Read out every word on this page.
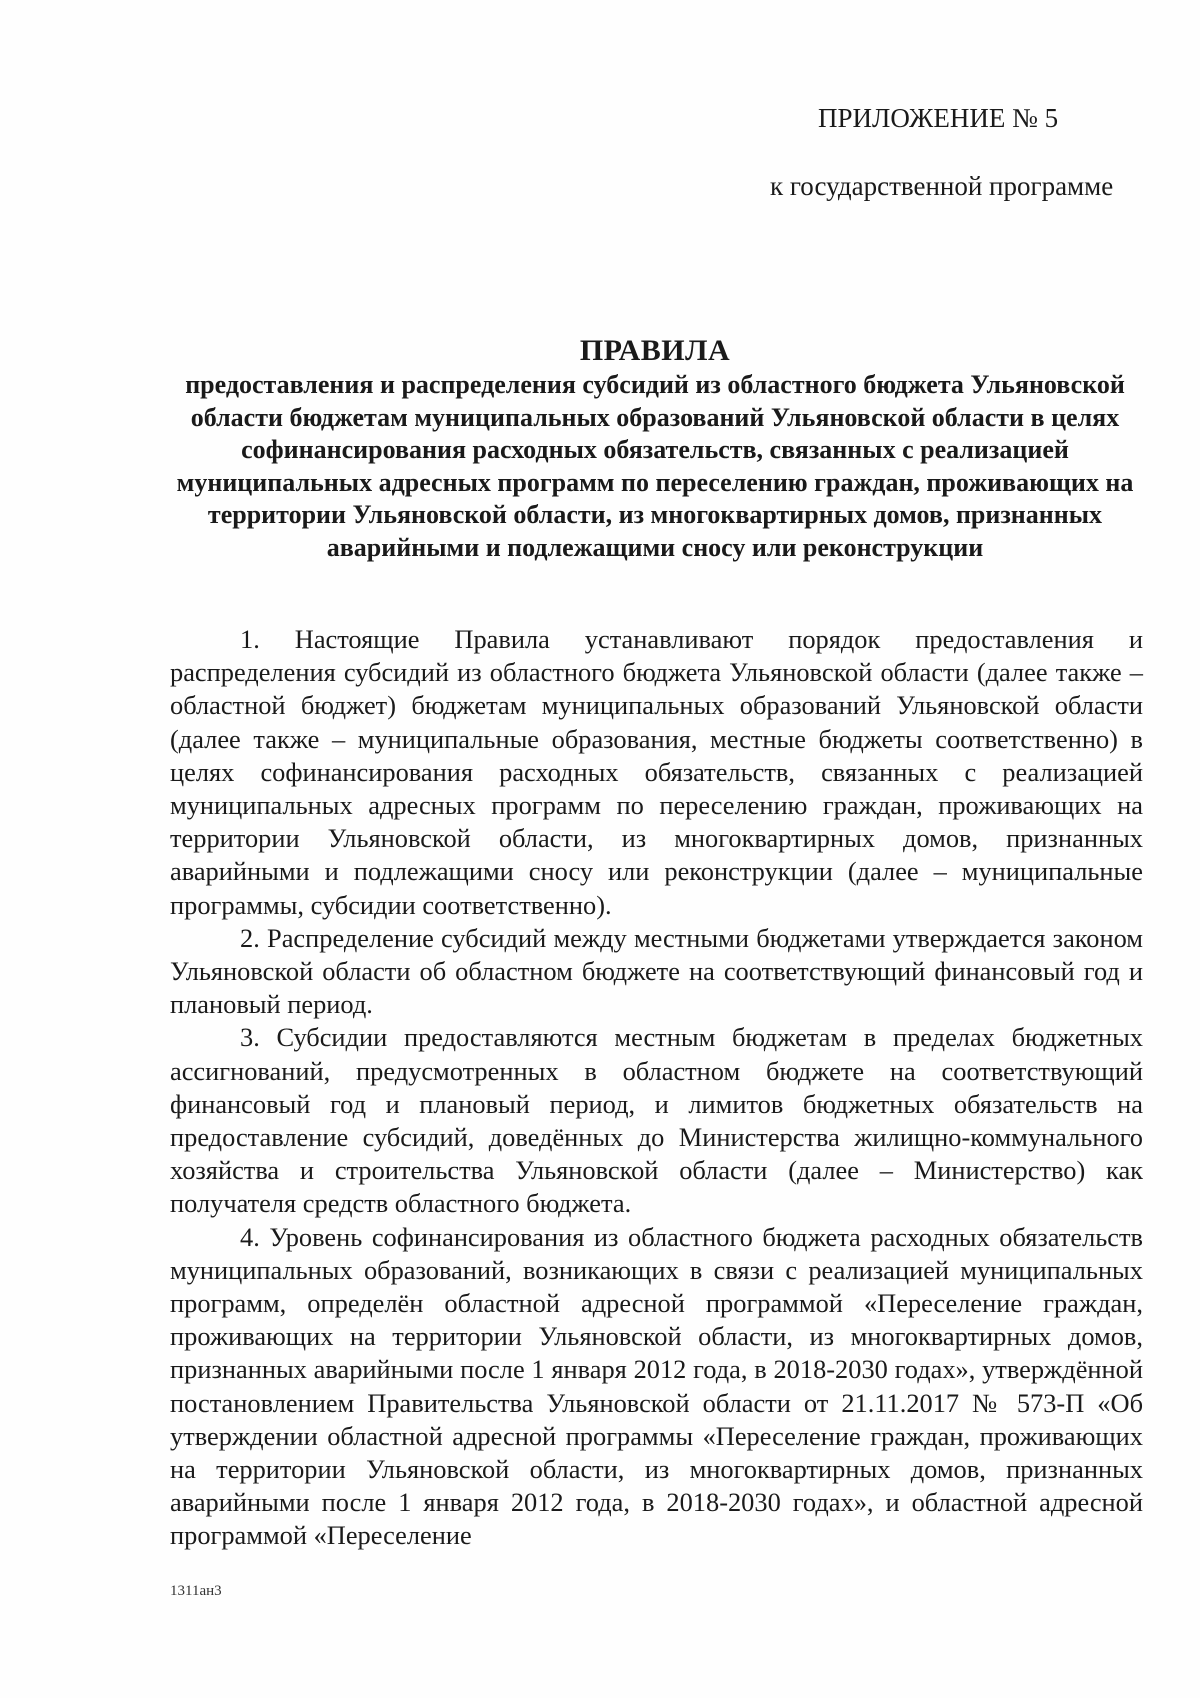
ПРИЛОЖЕНИЕ № 5
к государственной программе
ПРАВИЛА
предоставления и распределения субсидий из областного бюджета Ульяновской области бюджетам муниципальных образований Ульяновской области в целях софинансирования расходных обязательств, связанных с реализацией муниципальных адресных программ по переселению граждан, проживающих на территории Ульяновской области, из многоквартирных домов, признанных аварийными и подлежащими сносу или реконструкции

1. Настоящие Правила устанавливают порядок предоставления и распределения субсидий из областного бюджета Ульяновской области (далее также – областной бюджет) бюджетам муниципальных образований Ульяновской области (далее также – муниципальные образования, местные бюджеты соответственно) в целях софинансирования расходных обязательств, связанных с реализацией муниципальных адресных программ по переселению граждан, проживающих на территории Ульяновской области, из многоквартирных домов, признанных аварийными и подлежащими сносу или реконструкции (далее – муниципальные программы, субсидии соответственно).

2. Распределение субсидий между местными бюджетами утверждается законом Ульяновской области об областном бюджете на соответствующий финансовый год и плановый период.

3. Субсидии предоставляются местным бюджетам в пределах бюджетных ассигнований, предусмотренных в областном бюджете на соответствующий финансовый год и плановый период, и лимитов бюджетных обязательств на предоставление субсидий, доведённых до Министерства жилищно-коммунального хозяйства и строительства Ульяновской области (далее – Министерство) как получателя средств областного бюджета.

4. Уровень софинансирования из областного бюджета расходных обязательств муниципальных образований, возникающих в связи с реализацией муниципальных программ, определён областной адресной программой «Переселение граждан, проживающих на территории Ульяновской области, из многоквартирных домов, признанных аварийными после 1 января 2012 года, в 2018-2030 годах», утверждённой постановлением Правительства Ульяновской области от 21.11.2017 № 573-П «Об утверждении областной адресной программы «Переселение граждан, проживающих на территории Ульяновской области, из многоквартирных домов, признанных аварийными после 1 января 2012 года, в 2018-2030 годах», и областной адресной программой «Переселение

1311ан3
